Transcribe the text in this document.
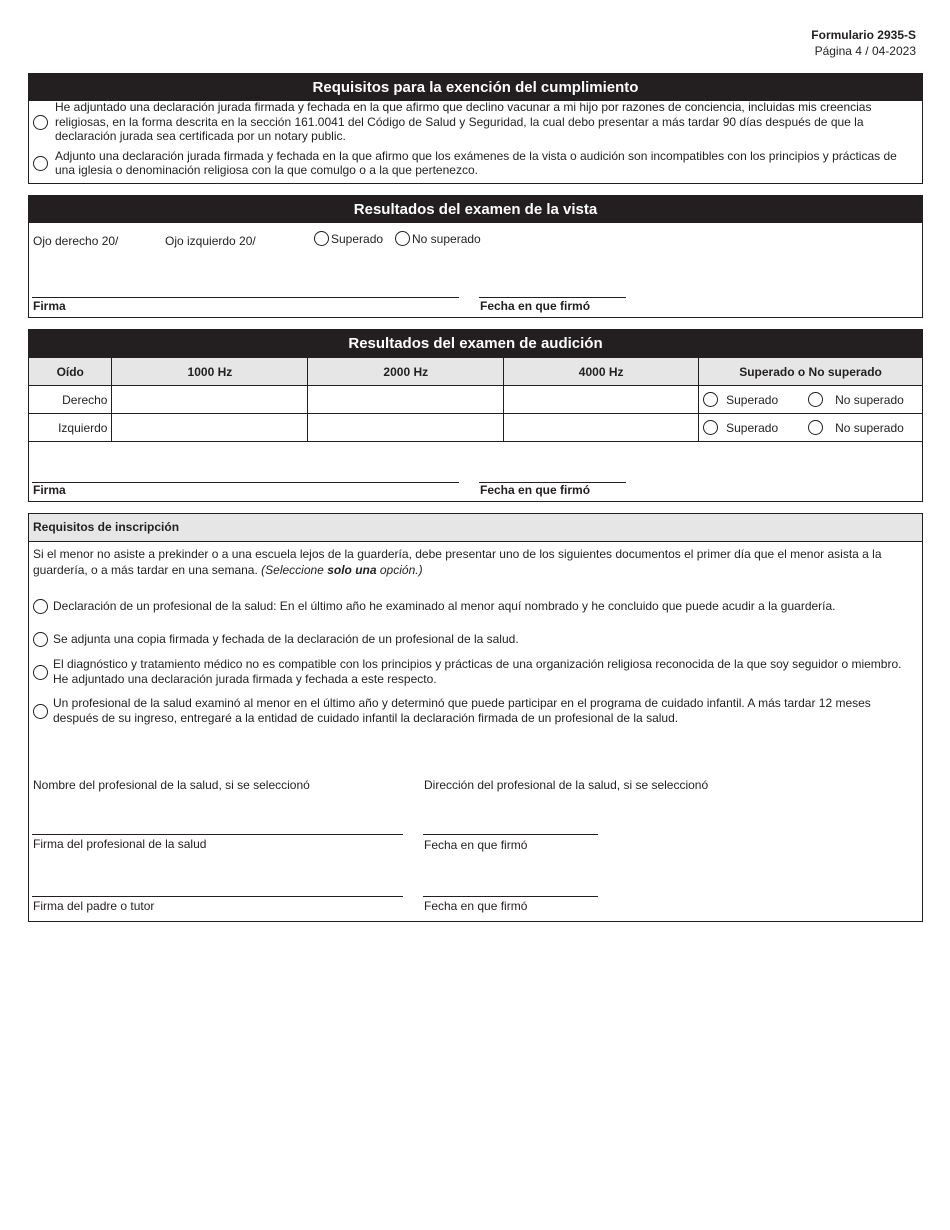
Formulario 2935-S
Página 4 / 04-2023
Requisitos para la exención del cumplimiento
He adjuntado una declaración jurada firmada y fechada en la que afirmo que declino vacunar a mi hijo por razones de conciencia, incluidas mis creencias religiosas, en la forma descrita en la sección 161.0041 del Código de Salud y Seguridad, la cual debo presentar a más tardar 90 días después de que la declaración jurada sea certificada por un notary public.
Adjunto una declaración jurada firmada y fechada en la que afirmo que los exámenes de la vista o audición son incompatibles con los principios y prácticas de una iglesia o denominación religiosa con la que comulgo o a la que pertenezco.
Resultados del examen de la vista
Ojo derecho 20/	Ojo izquierdo 20/	Superado No superado
Firma	Fecha en que firmó
Resultados del examen de audición
Oído	1000 Hz	2000 Hz	4000 Hz	Superado o No superado
Derecho				Superado No superado

Izquierdo				Superado No superado
Firma	Fecha en que firmó
Requisitos de inscripción
Si el menor no asiste a prekinder o a una escuela lejos de la guardería, debe presentar uno de los siguientes documentos el primer día que el menor asista a la guardería, o a más tardar en una semana. (Seleccione solo una opción.)
Declaración de un profesional de la salud: En el último año he examinado al menor aquí nombrado y he concluido que puede acudir a la guardería.
Se adjunta una copia firmada y fechada de la declaración de un profesional de la salud.
El diagnóstico y tratamiento médico no es compatible con los principios y prácticas de una organización religiosa reconocida de la que soy seguidor o miembro. He adjuntado una declaración jurada firmada y fechada a este respecto.
Un profesional de la salud examinó al menor en el último año y determinó que puede participar en el programa de cuidado infantil. A más tardar 12 meses después de su ingreso, entregaré a la entidad de cuidado infantil la declaración firmada de un profesional de la salud.
Nombre del profesional de la salud, si se seleccionó	Dirección del profesional de la salud, si se seleccionó
Firma del profesional de la salud	Fecha en que firmó
Firma del padre o tutor	Fecha en que firmó
